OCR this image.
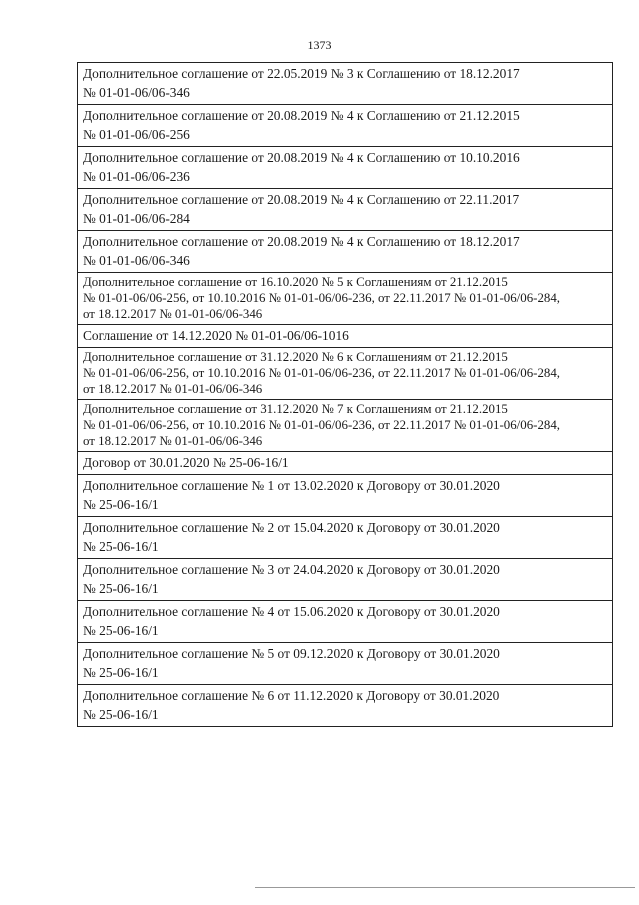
1373
Дополнительное соглашение от 22.05.2019 № 3 к Соглашению от 18.12.2017
№ 01-01-06/06-346

Дополнительное соглашение от 20.08.2019 № 4 к Соглашению от 21.12.2015
№ 01-01-06/06-256

Дополнительное соглашение от 20.08.2019 № 4 к Соглашению от 10.10.2016
№ 01-01-06/06-236

Дополнительное соглашение от 20.08.2019 № 4 к Соглашению от 22.11.2017
№ 01-01-06/06-284

Дополнительное соглашение от 20.08.2019 № 4 к Соглашению от 18.12.2017
№ 01-01-06/06-346

Дополнительное соглашение от 16.10.2020 № 5 к Соглашениям от 21.12.2015
№ 01-01-06/06-256, от 10.10.2016 № 01-01-06/06-236, от 22.11.2017 № 01-01-06/06-284,
от 18.12.2017 № 01-01-06/06-346

Соглашение от 14.12.2020 № 01-01-06/06-1016

Дополнительное соглашение от 31.12.2020 № 6 к Соглашениям от 21.12.2015
№ 01-01-06/06-256, от 10.10.2016 № 01-01-06/06-236, от 22.11.2017 № 01-01-06/06-284,
от 18.12.2017 № 01-01-06/06-346

Дополнительное соглашение от 31.12.2020 № 7 к Соглашениям от 21.12.2015
№ 01-01-06/06-256, от 10.10.2016 № 01-01-06/06-236, от 22.11.2017 № 01-01-06/06-284,
от 18.12.2017 № 01-01-06/06-346

Договор от 30.01.2020 № 25-06-16/1

Дополнительное соглашение № 1 от 13.02.2020 к Договору от 30.01.2020
№ 25-06-16/1

Дополнительное соглашение № 2 от 15.04.2020 к Договору от 30.01.2020
№ 25-06-16/1

Дополнительное соглашение № 3 от 24.04.2020 к Договору от 30.01.2020
№ 25-06-16/1

Дополнительное соглашение № 4 от 15.06.2020 к Договору от 30.01.2020
№ 25-06-16/1

Дополнительное соглашение № 5 от 09.12.2020 к Договору от 30.01.2020
№ 25-06-16/1

Дополнительное соглашение № 6 от 11.12.2020 к Договору от 30.01.2020
№ 25-06-16/1
